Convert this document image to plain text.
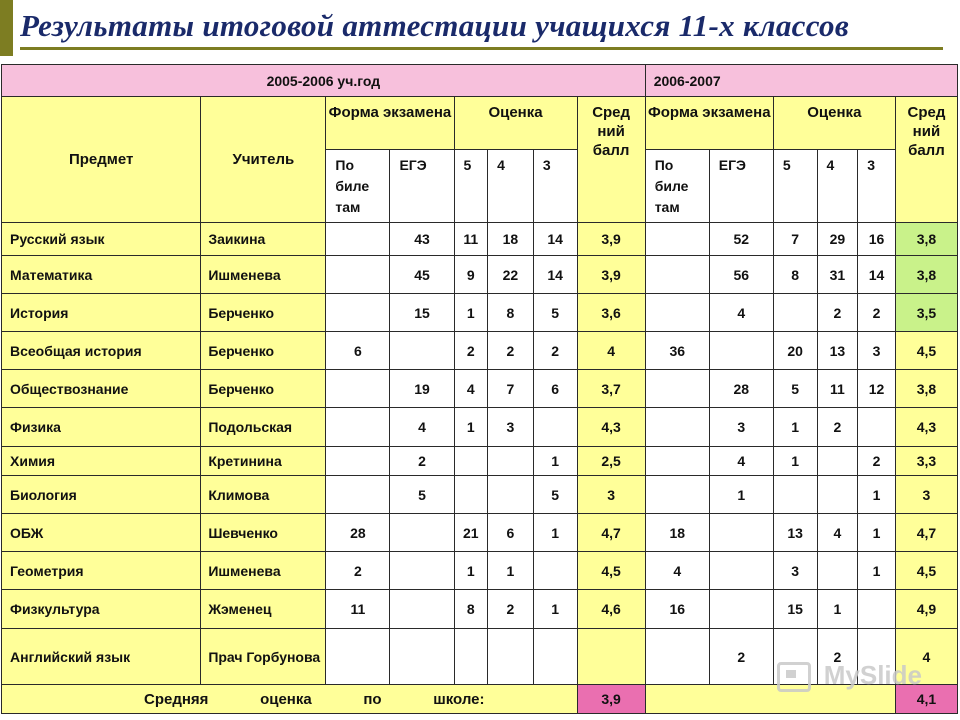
Результаты итоговой аттестации учащихся 11-х классов
2005-2006 уч.год								2006-2007					
Предмет	Учитель	Форма экзамена		Оценка			Сред ний балл	Форма экзамена		Оценка			Сред ний балл
		По биле там	ЕГЭ	5	4	3		По биле там	ЕГЭ	5	4	3	
Русский язык	Заикина		43	11	18	14	3,9		52	7	29	16	3,8
Математика	Ишменева		45	9	22	14	3,9		56	8	31	14	3,8
История	Берченко		15	1	8	5	3,6		4		2	2	3,5
Всеобщая история	Берченко	6		2	2	2	4	36		20	13	3	4,5
Обществознание	Берченко		19	4	7	6	3,7		28	5	11	12	3,8
Физика	Подольская		4	1	3		4,3		3	1	2		4,3
Химия	Кретинина		2			1	2,5		4	1		2	3,3
Биология	Климова		5			5	3		1			1	3
ОБЖ	Шевченко	28		21	6	1	4,7	18		13	4	1	4,7
Геометрия	Ишменева	2		1	1		4,5	4		3		1	4,5
Физкультура	Жэменец	11		8	2	1	4,6	16		15	1		4,9
Английский язык	Прач Горбунова								2		2		4

Средняя оценка по школе:							3,9						4,1
MySlide
